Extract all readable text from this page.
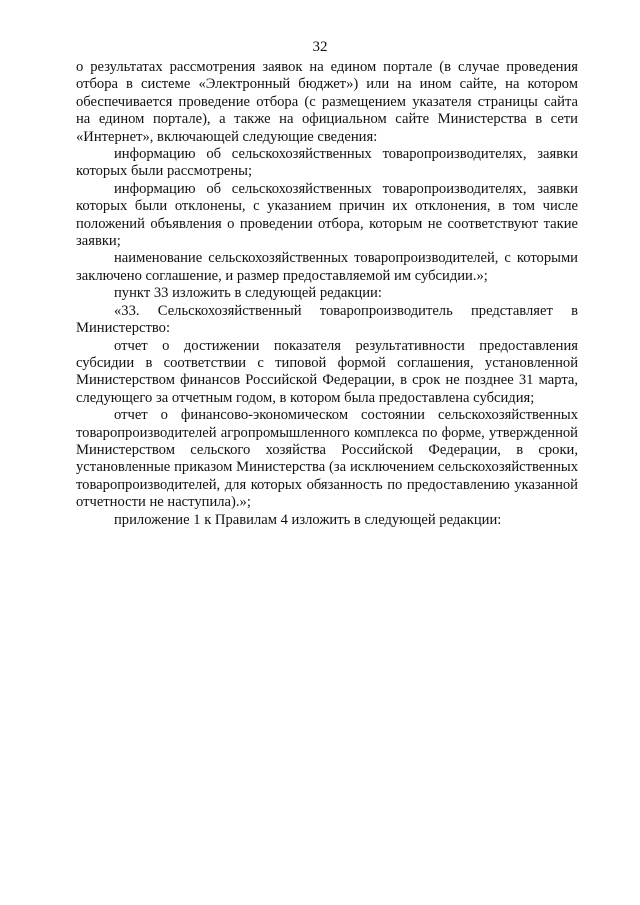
32

о результатах рассмотрения заявок на едином портале (в случае проведения отбора в системе «Электронный бюджет») или на ином сайте, на котором обеспечивается проведение отбора (с размещением указателя страницы сайта на едином портале), а также на официальном сайте Министерства в сети «Интернет», включающей следующие сведения:

информацию об сельскохозяйственных товаропроизводителях, заявки которых были рассмотрены;

информацию об сельскохозяйственных товаропроизводителях, заявки которых были отклонены, с указанием причин их отклонения, в том числе положений объявления о проведении отбора, которым не соответствуют такие заявки;

наименование сельскохозяйственных товаропроизводителей, с которыми заключено соглашение, и размер предоставляемой им субсидии.»;

пункт 33 изложить в следующей редакции:

«33. Сельскохозяйственный товаропроизводитель представляет в Министерство:

отчет о достижении показателя результативности предоставления субсидии в соответствии с типовой формой соглашения, установленной Министерством финансов Российской Федерации, в срок не позднее 31 марта, следующего за отчетным годом, в котором была предоставлена субсидия;

отчет о финансово-экономическом состоянии сельскохозяйственных товаропроизводителей агропромышленного комплекса по форме, утвержденной Министерством сельского хозяйства Российской Федерации, в сроки, установленные приказом Министерства (за исключением сельскохозяйственных товаропроизводителей, для которых обязанность по предоставлению указанной отчетности не наступила).»;

приложение 1 к Правилам 4 изложить в следующей редакции:
